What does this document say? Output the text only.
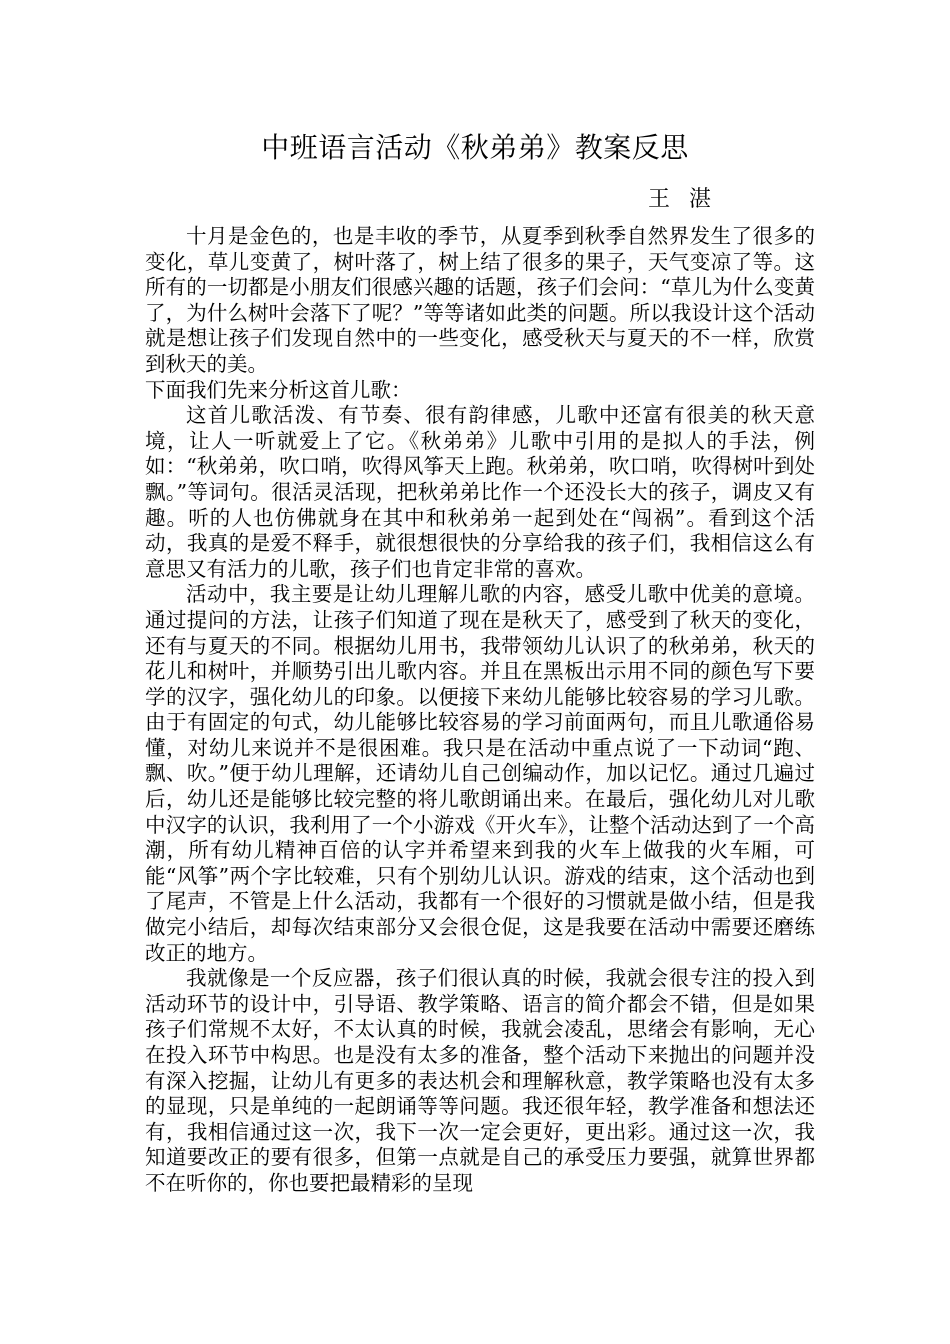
中班语言活动《秋弟弟》教案反思
王 湛

十月是金色的，也是丰收的季节，从夏季到秋季自然界发生了很多的变化，草儿变黄了，树叶落了，树上结了很多的果子，天气变凉了等。这所有的一切都是小朋友们很感兴趣的话题，孩子们会问：“草儿为什么变黄了，为什么树叶会落下了呢？”等等诸如此类的问题。所以我设计这个活动就是想让孩子们发现自然中的一些变化，感受秋天与夏天的不一样，欣赏到秋天的美。

下面我们先来分析这首儿歌：

这首儿歌活泼、有节奏、很有韵律感，儿歌中还富有很美的秋天意境，让人一听就爱上了它。《秋弟弟》儿歌中引用的是拟人的手法，例如：“秋弟弟，吹口哨，吹得风筝天上跑。秋弟弟，吹口哨，吹得树叶到处飘。”等词句。很活灵活现，把秋弟弟比作一个还没长大的孩子，调皮又有趣。听的人也仿佛就身在其中和秋弟弟一起到处在“闯祸”。看到这个活动，我真的是爱不释手，就很想很快的分享给我的孩子们，我相信这么有意思又有活力的儿歌，孩子们也肯定非常的喜欢。

活动中，我主要是让幼儿理解儿歌的内容，感受儿歌中优美的意境。通过提问的方法，让孩子们知道了现在是秋天了，感受到了秋天的变化，还有与夏天的不同。根据幼儿用书，我带领幼儿认识了的秋弟弟，秋天的花儿和树叶，并顺势引出儿歌内容。并且在黑板出示用不同的颜色写下要学的汉字，强化幼儿的印象。以便接下来幼儿能够比较容易的学习儿歌。由于有固定的句式，幼儿能够比较容易的学习前面两句，而且儿歌通俗易懂，对幼儿来说并不是很困难。我只是在活动中重点说了一下动词“跑、飘、吹。”便于幼儿理解，还请幼儿自己创编动作，加以记忆。通过几遍过后，幼儿还是能够比较完整的将儿歌朗诵出来。在最后，强化幼儿对儿歌中汉字的认识，我利用了一个小游戏《开火车》，让整个活动达到了一个高潮，所有幼儿精神百倍的认字并希望来到我的火车上做我的火车厢，可能“风筝”两个字比较难，只有个别幼儿认识。游戏的结束，这个活动也到了尾声，不管是上什么活动，我都有一个很好的习惯就是做小结，但是我做完小结后，却每次结束部分又会很仓促，这是我要在活动中需要还磨练改正的地方。

我就像是一个反应器，孩子们很认真的时候，我就会很专注的投入到活动环节的设计中，引导语、教学策略、语言的简介都会不错，但是如果孩子们常规不太好，不太认真的时候，我就会凌乱，思绪会有影响，无心在投入环节中构思。也是没有太多的准备，整个活动下来抛出的问题并没有深入挖掘，让幼儿有更多的表达机会和理解秋意，教学策略也没有太多的显现，只是单纯的一起朗诵等等问题。我还很年轻，教学准备和想法还有，我相信通过这一次，我下一次一定会更好，更出彩。通过这一次，我知道要改正的要有很多，但第一点就是自己的承受压力要强，就算世界都不在听你的，你也要把最精彩的呈现
